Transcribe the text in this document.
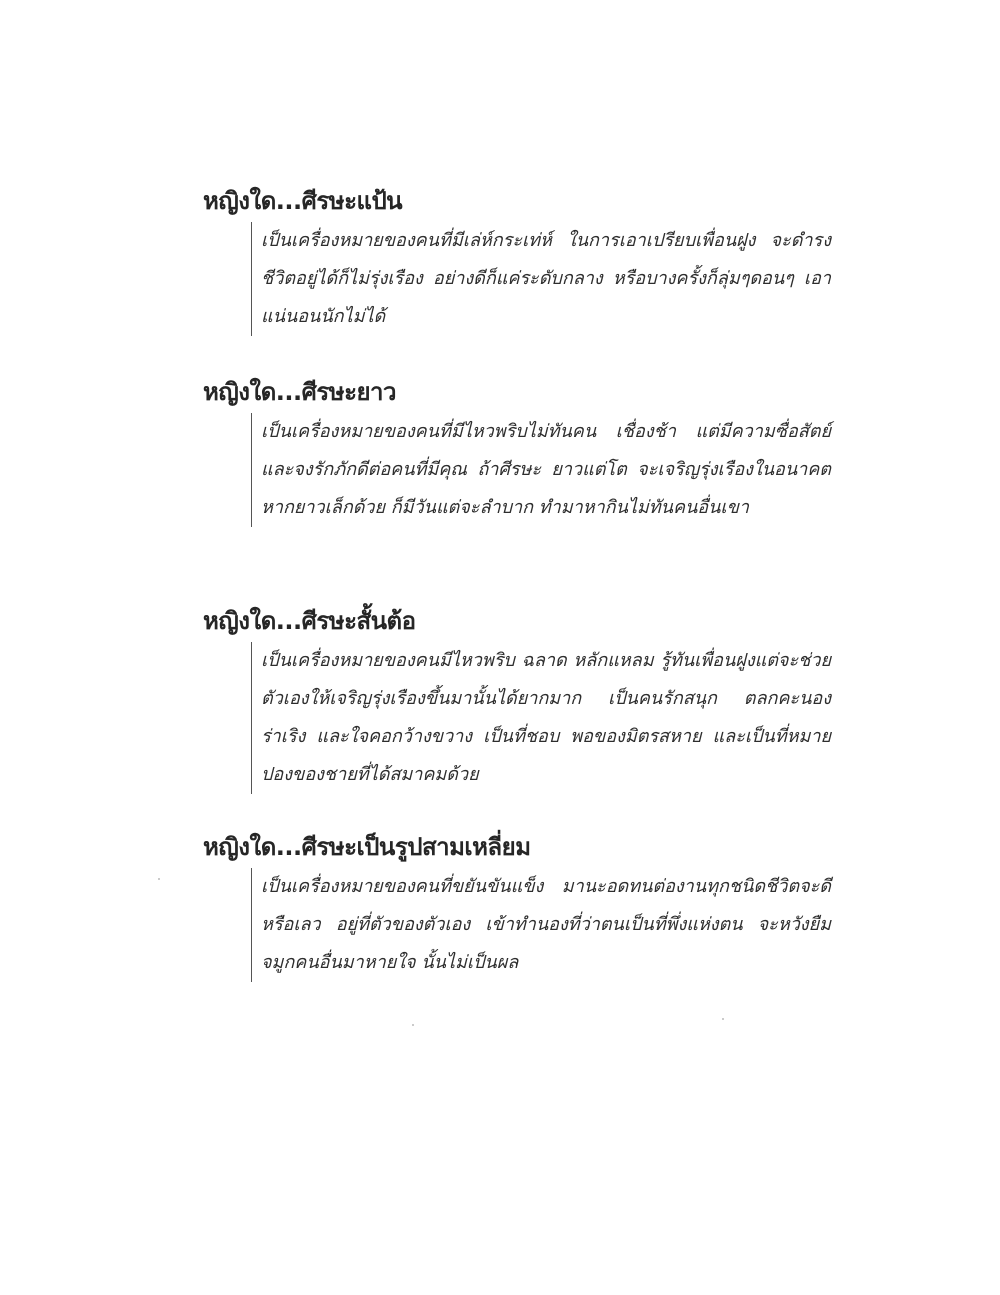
หญิงใด...ศีรษะแป้น
เป็นเครื่องหมายของคนที่มีเล่ห์กระเท่ห์ ในการเอาเปรียบเพื่อนฝูง จะดำรงชีวิตอยู่ได้ก็ไม่รุ่งเรือง อย่างดีก็แค่ระดับกลาง หรือบางครั้งก็ลุ่มๆดอนๆ เอาแน่นอนนักไม่ได้
หญิงใด...ศีรษะยาว
เป็นเครื่องหมายของคนที่มีไหวพริบไม่ทันคน เชื่องช้า แต่มีความซื่อสัตย์และจงรักภักดีต่อคนที่มีคุณ ถ้าศีรษะ ยาวแต่โต จะเจริญรุ่งเรืองในอนาคต หากยาวเล็กด้วย ก็มีวันแต่จะลำบาก ทำมาหากินไม่ทันคนอื่นเขา
หญิงใด...ศีรษะสั้นต้อ
เป็นเครื่องหมายของคนมีไหวพริบ ฉลาด หลักแหลม รู้ทันเพื่อนฝูงแต่จะช่วยตัวเองให้เจริญรุ่งเรืองขึ้นมานั้นได้ยากมาก เป็นคนรักสนุก ตลกคะนอง ร่าเริง และใจคอกว้างขวาง เป็นที่ชอบ พอของมิตรสหาย และเป็นที่หมายปองของชายที่ได้สมาคมด้วย
หญิงใด...ศีรษะเป็นรูปสามเหลี่ยม
เป็นเครื่องหมายของคนที่ขยันขันแข็ง มานะอดทนต่องานทุกชนิดชีวิตจะดีหรือเลว อยู่ที่ตัวของตัวเอง เข้าทำนองที่ว่าตนเป็นที่พึ่งแห่งตน จะหวังยืมจมูกคนอื่นมาหายใจ นั้นไม่เป็นผล
